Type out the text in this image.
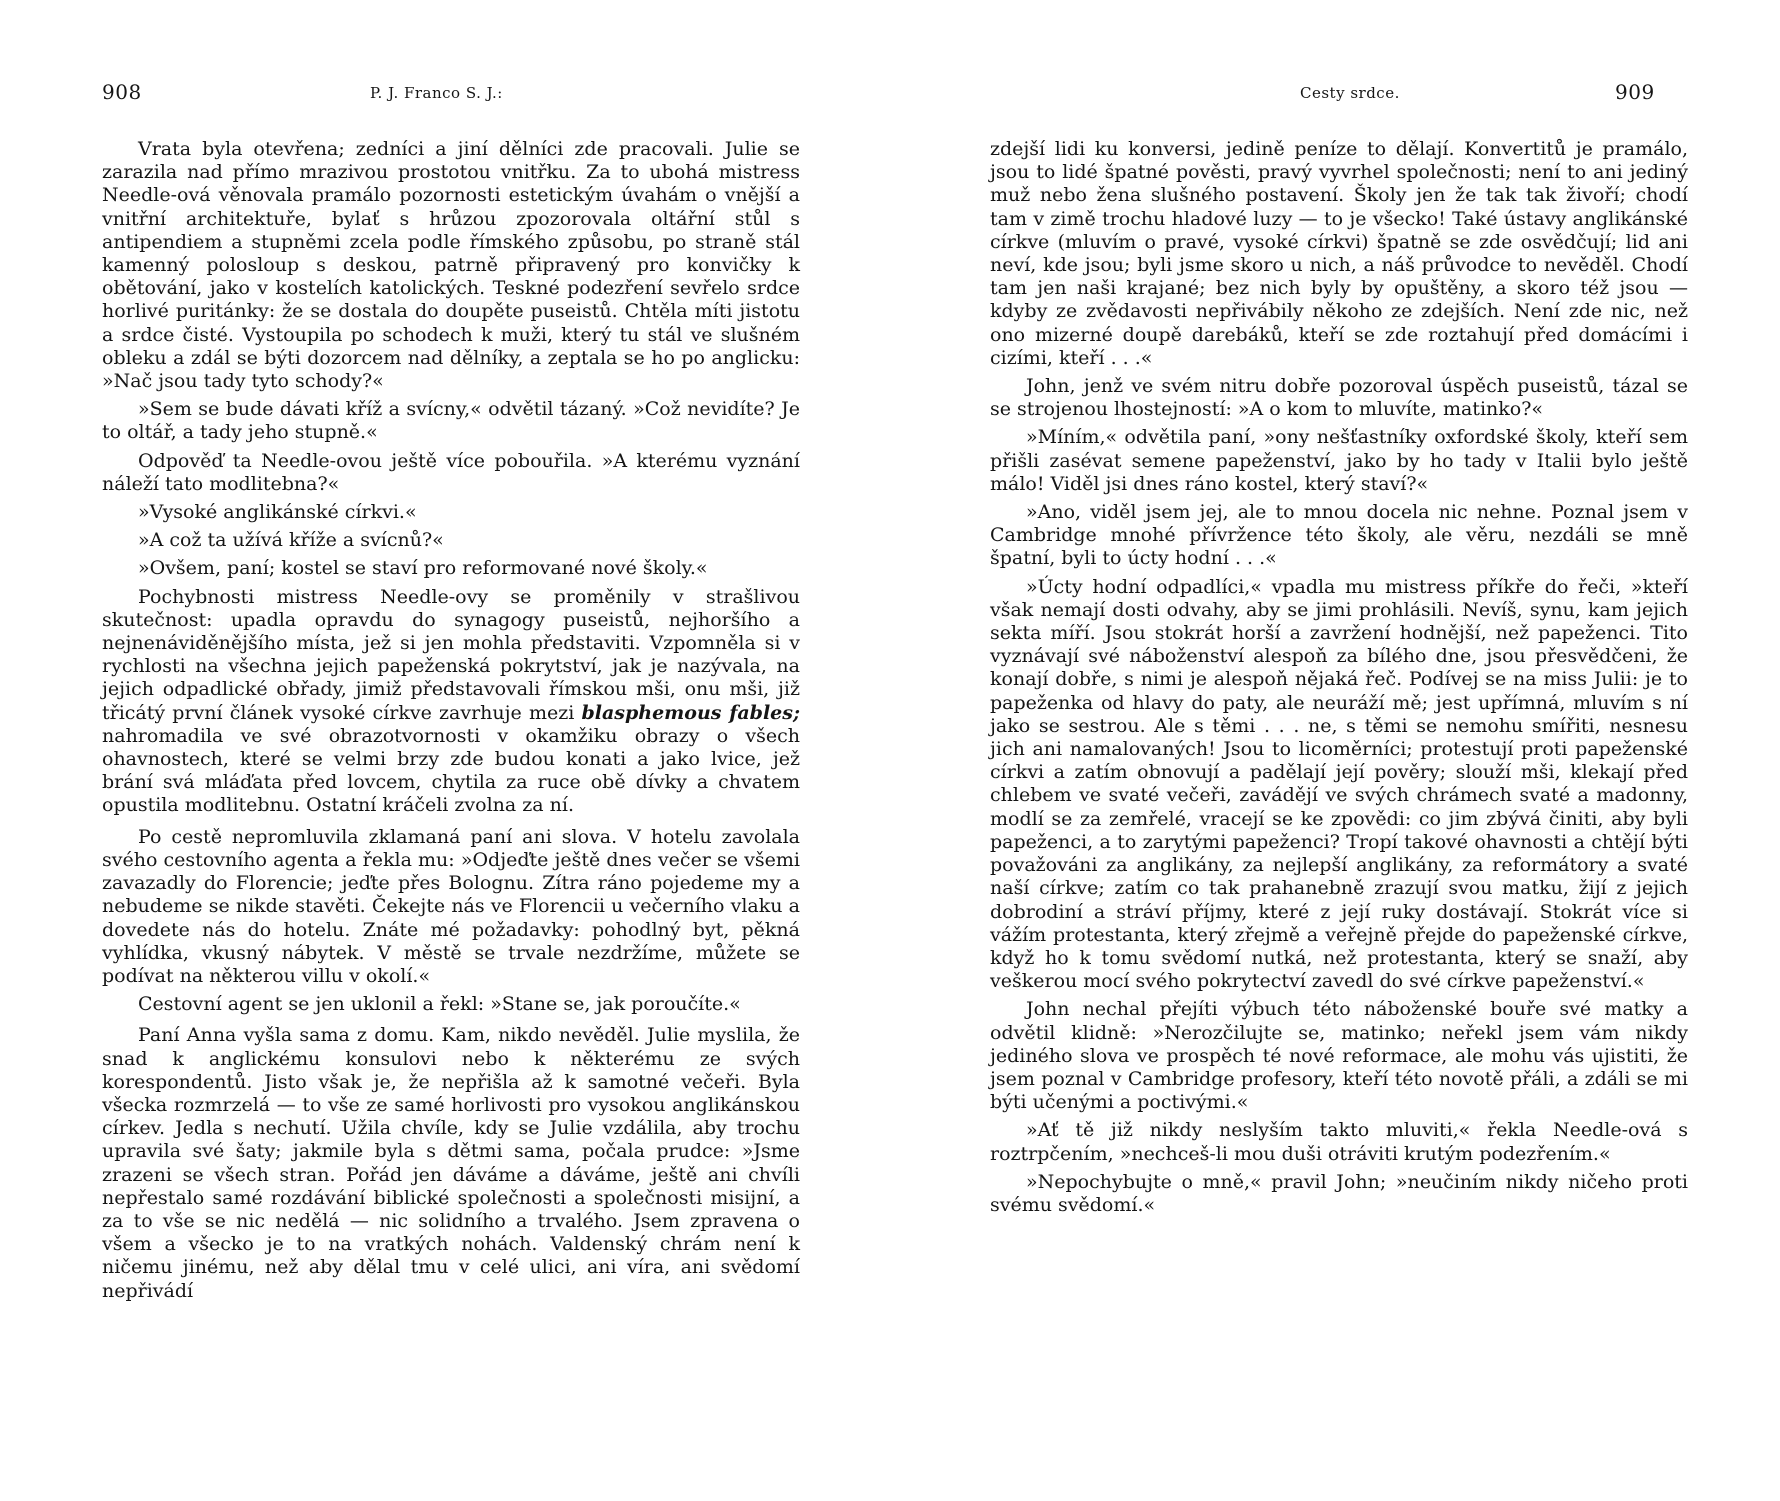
908	P. J. Franco S. J.:

Vrata byla otevřena; zedníci a jiní dělníci zde pracovali. Julie se zarazila nad přímo mrazivou prostotou vnitřku. Za to ubohá mistress Needle-ová věnovala pramálo pozornosti estetickým úvahám o vnější a vnitřní architektuře, bylať s hrůzou zpozorovala oltářní stůl s antipendiem a stupněmi zcela podle římského způsobu, po straně stál kamenný polosloup s deskou, patrně připravený pro konvičky k obětování, jako v kostelích katolických. Teskné podezření sevřelo srdce horlivé puritánky: že se dostala do doupěte puseistů. Chtěla míti jistotu a srdce čisté. Vystoupila po schodech k muži, který tu stál ve slušném obleku a zdál se býti dozorcem nad dělníky, a zeptala se ho po anglicku: »Nač jsou tady tyto schody?«

»Sem se bude dávati kříž a svícny,« odvětil tázaný. »Což nevidíte? Je to oltář, a tady jeho stupně.«

Odpověď ta Needle-ovou ještě více pobouřila. »A kterému vyznání náleží tato modlitebna?«

»Vysoké anglikánské církvi.«

»A což ta užívá kříže a svícnů?«

»Ovšem, paní; kostel se staví pro reformované nové školy.«

Pochybnosti mistress Needle-ovy se proměnily v strašlivou skutečnost: upadla opravdu do synagogy puseistů, nejhoršího a nejnenáviděnějšího místa, jež si jen mohla představiti. Vzpomněla si v rychlosti na všechna jejich papeženská pokrytství, jak je nazývala, na jejich odpadlické obřady, jimiž představovali římskou mši, onu mši, již třicátý první článek vysoké církve zavrhuje mezi blasphemous fables; nahromadila ve své obrazotvornosti v okamžiku obrazy o všech ohavnostech, které se velmi brzy zde budou konati a jako lvice, jež brání svá mláďata před lovcem, chytila za ruce obě dívky a chvatem opustila modlitebnu. Ostatní kráčeli zvolna za ní.

Po cestě nepromluvila zklamaná paní ani slova. V hotelu zavolala svého cestovního agenta a řekla mu: »Odjeďte ještě dnes večer se všemi zavazadly do Florencie; jeďte přes Bolognu. Zítra ráno pojedeme my a nebudeme se nikde stavěti. Čekejte nás ve Florencii u večerního vlaku a dovedete nás do hotelu. Znáte mé požadavky: pohodlný byt, pěkná vyhlídka, vkusný nábytek. V městě se trvale nezdržíme, můžete se podívat na některou villu v okolí.«

Cestovní agent se jen uklonil a řekl: »Stane se, jak poroučíte.«

Paní Anna vyšla sama z domu. Kam, nikdo nevěděl. Julie myslila, že snad k anglickému konsulovi nebo k některému ze svých korespondentů. Jisto však je, že nepřišla až k samotné večeři. Byla všecka rozmrzelá — to vše ze samé horlivosti pro vysokou anglikánskou církev. Jedla s nechutí. Užila chvíle, kdy se Julie vzdálila, aby trochu upravila své šaty; jakmile byla s dětmi sama, počala prudce: »Jsme zrazeni se všech stran. Pořád jen dáváme a dáváme, ještě ani chvíli nepřestalo samé rozdávání biblické společnosti a společnosti misijní, a za to vše se nic nedělá — nic solidního a trvalého. Jsem zpravena o všem a všecko je to na vratkých nohách. Valdenský chrám není k ničemu jinému, než aby dělal tmu v celé ulici, ani víra, ani svědomí nepřivádí

Cesty srdce.	909

zdejší lidi ku konversi, jedině peníze to dělají. Konvertitů je pramálo, jsou to lidé špatné pověsti, pravý vyvrhel společnosti; není to ani jediný muž nebo žena slušného postavení. Školy jen že tak tak živoří; chodí tam v zimě trochu hladové luzy — to je všecko! Také ústavy anglikánské církve (mluvím o pravé, vysoké církvi) špatně se zde osvědčují; lid ani neví, kde jsou; byli jsme skoro u nich, a náš průvodce to nevěděl. Chodí tam jen naši krajané; bez nich byly by opuštěny, a skoro též jsou — kdyby ze zvědavosti nepřivábily někoho ze zdejších. Není zde nic, než ono mizerné doupě darebáků, kteří se zde roztahují před domácími i cizími, kteří . . .«

John, jenž ve svém nitru dobře pozoroval úspěch puseistů, tázal se se strojenou lhostejností: »A o kom to mluvíte, matinko?«

»Míním,« odvětila paní, »ony nešťastníky oxfordské školy, kteří sem přišli zasévat semene papeženství, jako by ho tady v Italii bylo ještě málo! Viděl jsi dnes ráno kostel, který staví?«

»Ano, viděl jsem jej, ale to mnou docela nic nehne. Poznal jsem v Cambridge mnohé přívržence této školy, ale věru, nezdáli se mně špatní, byli to úcty hodní . . .«

»Úcty hodní odpadlíci,« vpadla mu mistress příkře do řeči, »kteří však nemají dosti odvahy, aby se jimi prohlásili. Nevíš, synu, kam jejich sekta míří. Jsou stokrát horší a zavržení hodnější, než papeženci. Tito vyznávají své náboženství alespoň za bílého dne, jsou přesvědčeni, že konají dobře, s nimi je alespoň nějaká řeč. Podívej se na miss Julii: je to papeženka od hlavy do paty, ale neuráží mě; jest upřímná, mluvím s ní jako se sestrou. Ale s těmi . . . ne, s těmi se nemohu smířiti, nesnesu jich ani namalovaných! Jsou to licoměrníci; protestují proti papeženské církvi a zatím obnovují a padělají její pověry; slouží mši, klekají před chlebem ve svaté večeři, zavádějí ve svých chrámech svaté a madonny, modlí se za zemřelé, vracejí se ke zpovědi: co jim zbývá činiti, aby byli papeženci, a to zarytými papeženci? Tropí takové ohavnosti a chtějí býti považováni za anglikány, za nejlepší anglikány, za reformátory a svaté naší církve; zatím co tak prahanebně zrazují svou matku, žijí z jejich dobrodiní a stráví příjmy, které z její ruky dostávají. Stokrát více si vážím protestanta, který zřejmě a veřejně přejde do papeženské církve, když ho k tomu svědomí nutká, než protestanta, který se snaží, aby veškerou mocí svého pokrytectví zavedl do své církve papeženství.«

John nechal přejíti výbuch této náboženské bouře své matky a odvětil klidně: »Nerozčilujte se, matinko; neřekl jsem vám nikdy jediného slova ve prospěch té nové reformace, ale mohu vás ujistiti, že jsem poznal v Cambridge profesory, kteří této novotě přáli, a zdáli se mi býti učenými a poctivými.«

»Ať tě již nikdy neslyším takto mluviti,« řekla Needle-ová s roztrpčením, »nechceš-li mou duši otráviti krutým podezřením.«

»Nepochybujte o mně,« pravil John; »neučiním nikdy ničeho proti svému svědomí.«
